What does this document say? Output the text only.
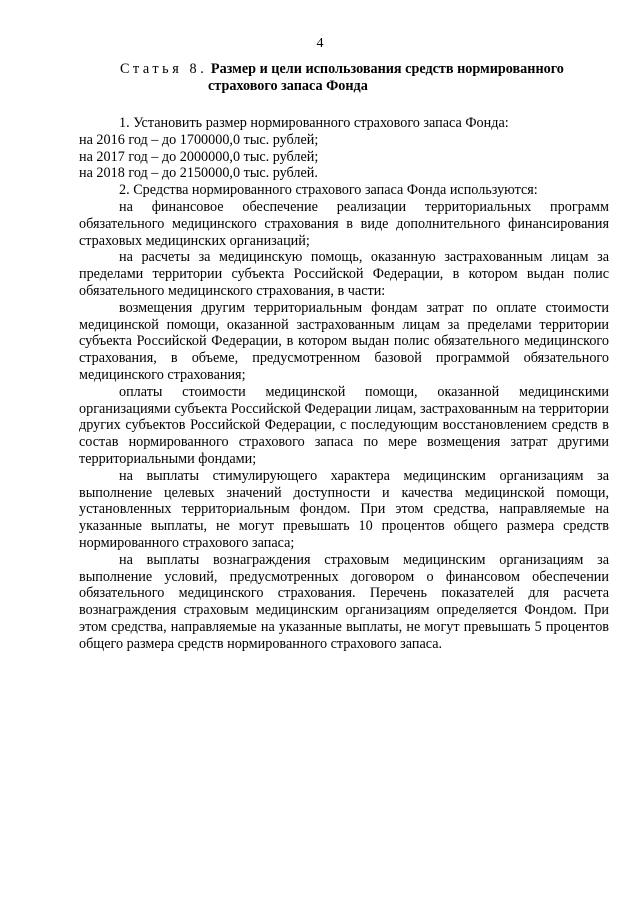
4
Статья 8. Размер и цели использования средств нормированного
страхового запаса Фонда

1. Установить размер нормированного страхового запаса Фонда:

на 2016 год – до 1700000,0 тыс. рублей;

на 2017 год – до 2000000,0 тыс. рублей;

на 2018 год – до 2150000,0 тыс. рублей.

2. Средства нормированного страхового запаса Фонда используются:

на финансовое обеспечение реализации территориальных программ обязательного медицинского страхования в виде дополнительного финансирования страховых медицинских организаций;

на расчеты за медицинскую помощь, оказанную застрахованным лицам за пределами территории субъекта Российской Федерации, в котором выдан полис обязательного медицинского страхования, в части:

возмещения другим территориальным фондам затрат по оплате стоимости медицинской помощи, оказанной застрахованным лицам за пределами территории субъекта Российской Федерации, в котором выдан полис обязательного медицинского страхования, в объеме, предусмотренном базовой программой обязательного медицинского страхования;

оплаты стоимости медицинской помощи, оказанной медицинскими организациями субъекта Российской Федерации лицам, застрахованным на территории других субъектов Российской Федерации, с последующим восстановлением средств в состав нормированного страхового запаса по мере возмещения затрат другими территориальными фондами;

на выплаты стимулирующего характера медицинским организациям за выполнение целевых значений доступности и качества медицинской помощи, установленных территориальным фондом. При этом средства, направляемые на указанные выплаты, не могут превышать 10 процентов общего размера средств нормированного страхового запаса;

на выплаты вознаграждения страховым медицинским организациям за выполнение условий, предусмотренных договором о финансовом обеспечении обязательного медицинского страхования. Перечень показателей для расчета вознаграждения страховым медицинским организациям определяется Фондом. При этом средства, направляемые на указанные выплаты, не могут превышать 5 процентов общего размера средств нормированного страхового запаса.
